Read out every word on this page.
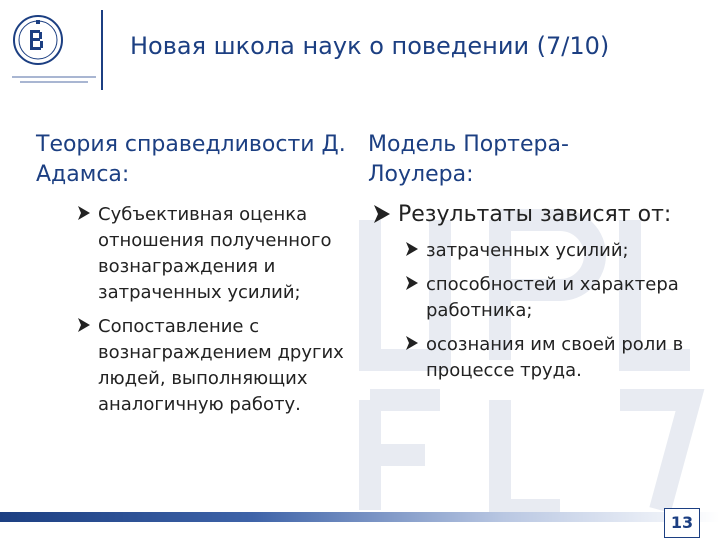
Новая школа наук о поведении (7/10)
Теория справедливости Д. Адамса:
Субъективная оценка отношения полученного вознаграждения и затраченных усилий;
Сопоставление с вознаграждением других людей, выполняющих аналогичную работу.
Модель Портера-Лоулера:
Результаты зависят от:
затраченных усилий;
способностей и характера работника;
осознания им своей роли в процессе труда.
13
